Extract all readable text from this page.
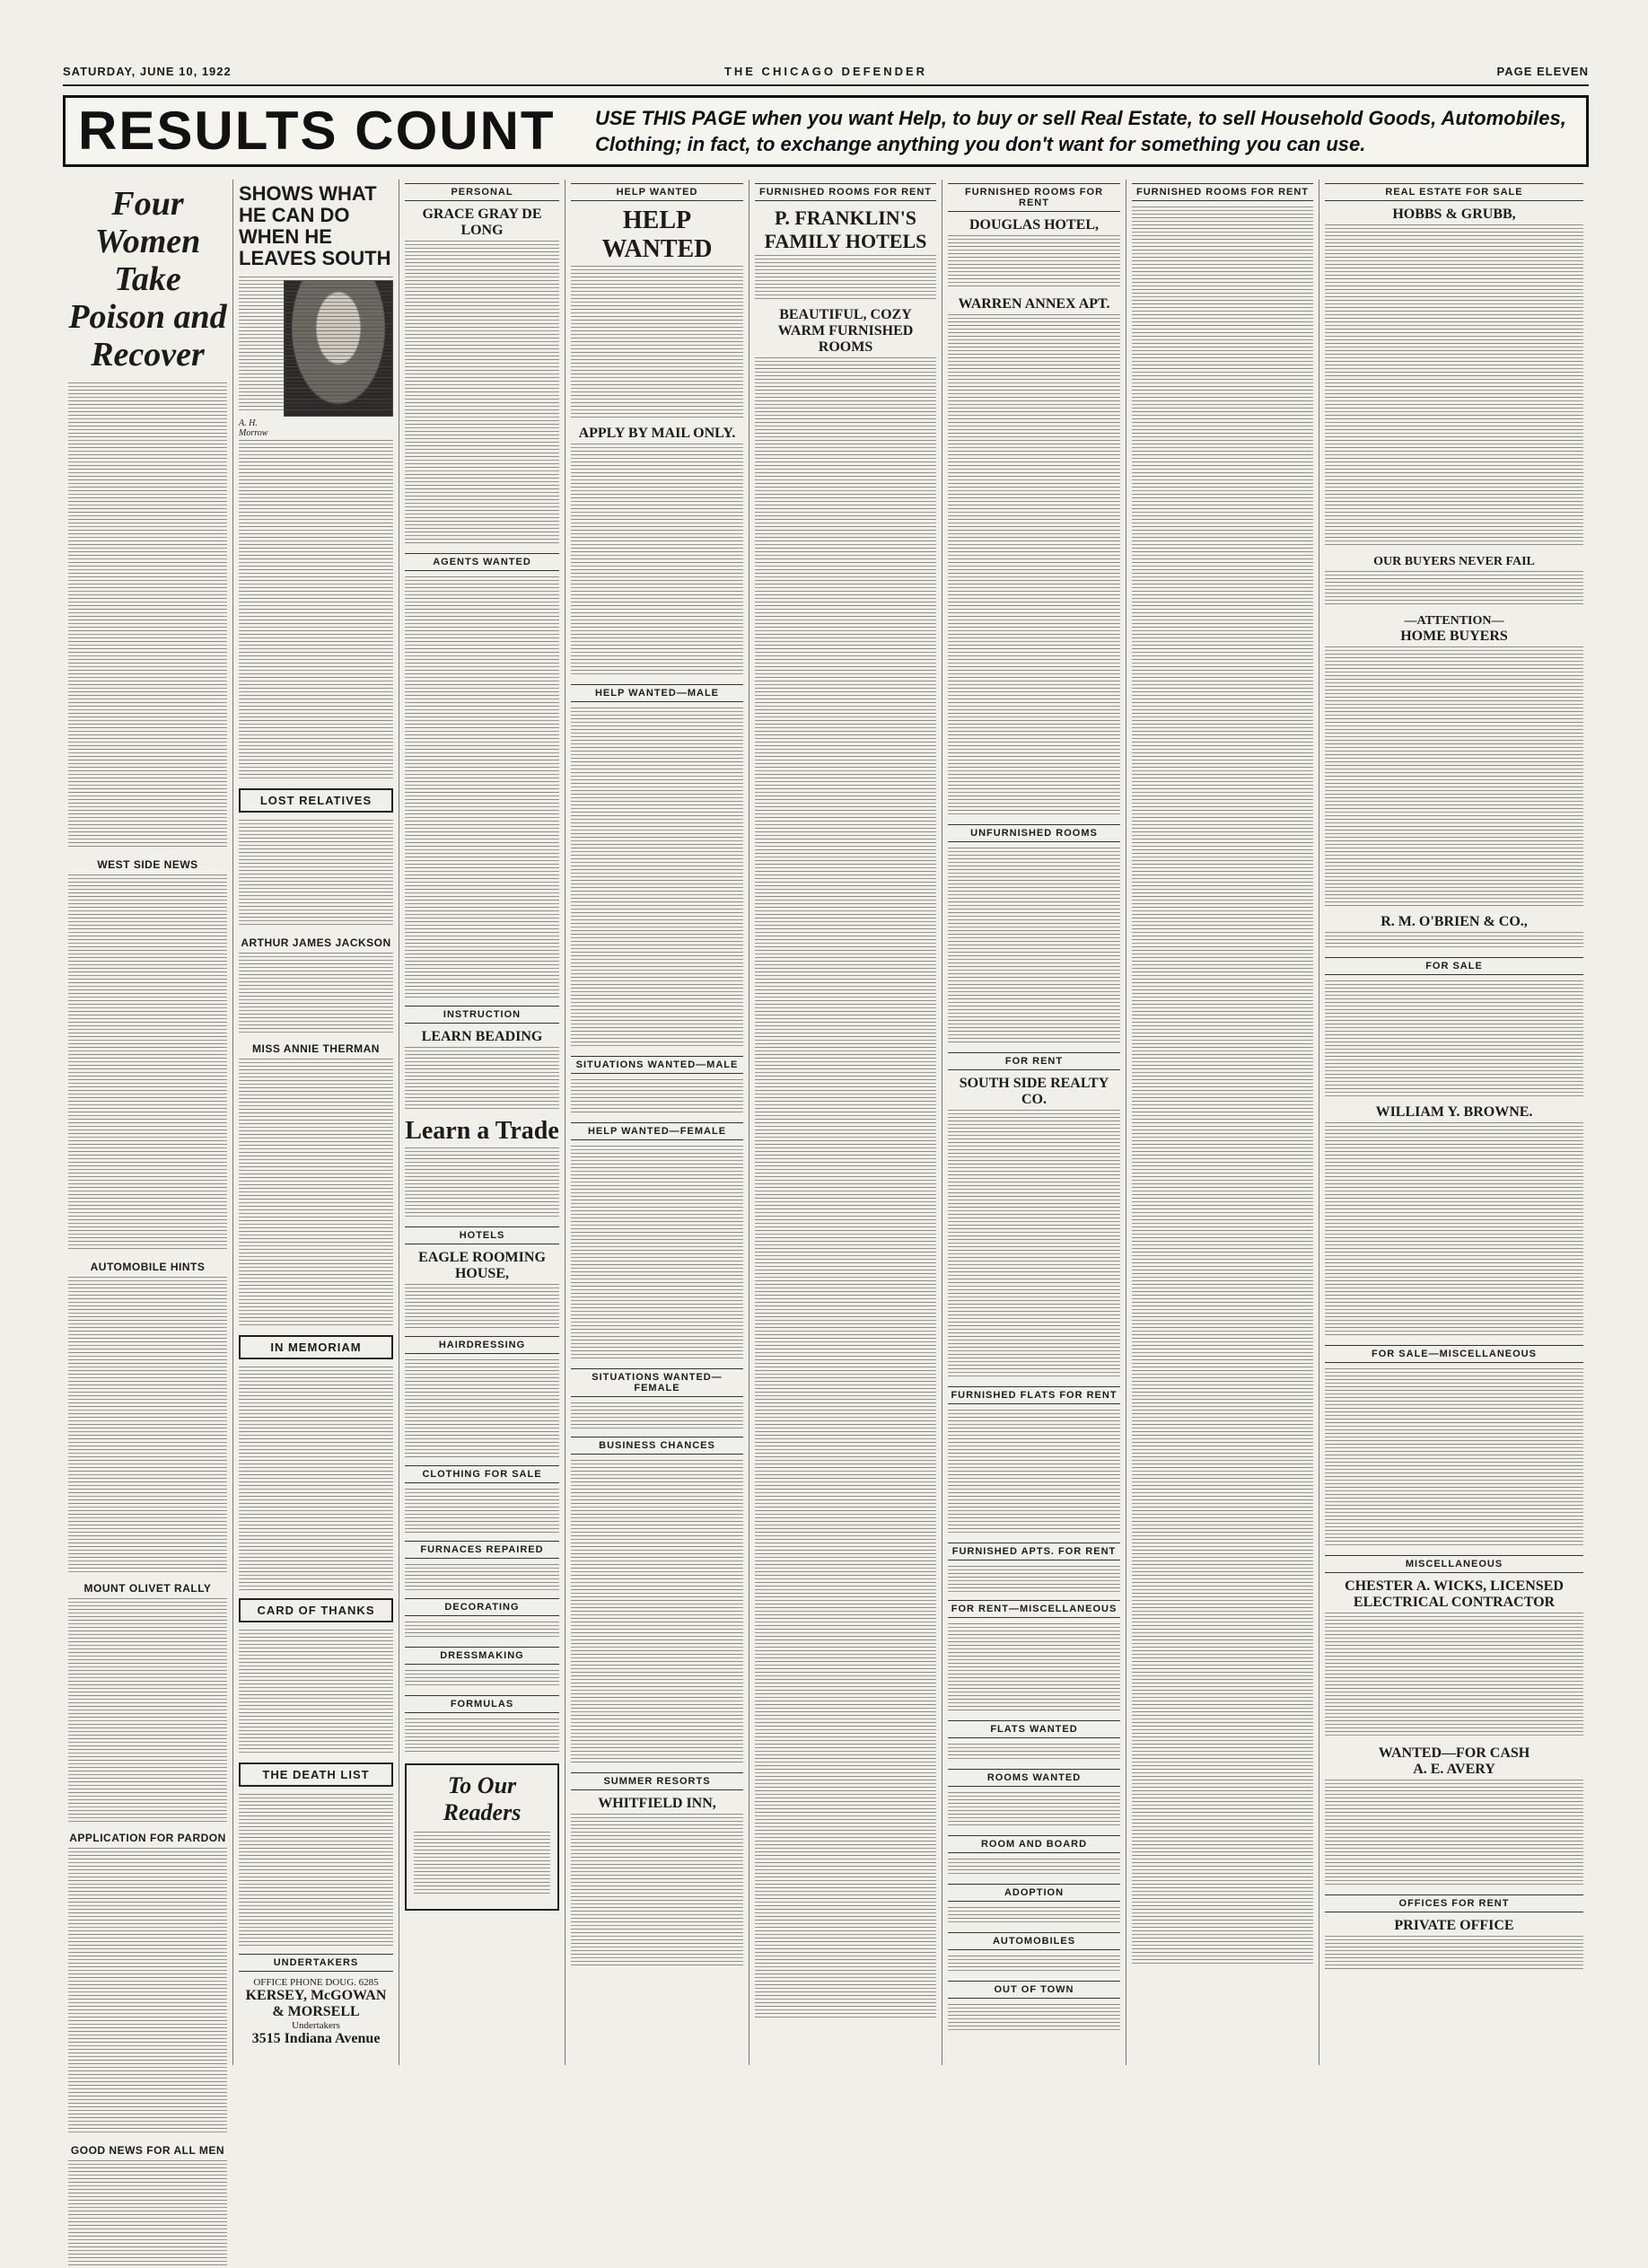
SATURDAY, JUNE 10, 1922	THE CHICAGO DEFENDER	PAGE ELEVEN
RESULTS COUNT USE THIS PAGE when you want Help, to buy or sell Real Estate, to sell Household Goods, Automobiles, Clothing; in fact, to exchange anything you don't want for something you can use.
Four Women Take Poison and Recover
WEST SIDE NEWS
AUTOMOBILE HINTS
MOUNT OLIVET RALLY
APPLICATION FOR PARDON
GOOD NEWS FOR ALL MEN
SHOWS WHAT HE CAN DO WHEN HE LEAVES SOUTH
A. H. Morrow
LOST RELATIVES
ARTHUR JAMES JACKSON
MISS ANNIE THERMAN
IN MEMORIAM
CARD OF THANKS
THE DEATH LIST
UNDERTAKERS
OFFICE PHONE DOUG. 6285
KERSEY, McGOWAN & MORSELL
Undertakers
3515 Indiana Avenue
PERSONAL
GRACE GRAY DE LONG
AGENTS WANTED
INSTRUCTION
LEARN BEADING
Learn a Trade
HOTELS
EAGLE ROOMING HOUSE,
HAIRDRESSING
CLOTHING FOR SALE
FURNACES REPAIRED
DECORATING
DRESSMAKING
FORMULAS
To Our Readers
HELP WANTED
HELP WANTED
APPLY BY MAIL ONLY.
HELP WANTED—MALE
SITUATIONS WANTED—MALE
HELP WANTED—FEMALE
SITUATIONS WANTED—FEMALE
BUSINESS CHANCES
SUMMER RESORTS
WHITFIELD INN,
FURNISHED ROOMS FOR RENT
P. FRANKLIN'S FAMILY HOTELS
BEAUTIFUL, COZY WARM FURNISHED ROOMS
FURNISHED ROOMS FOR RENT
DOUGLAS HOTEL,
WARREN ANNEX APT.
UNFURNISHED ROOMS
FOR RENT
SOUTH SIDE REALTY CO.
FURNISHED FLATS FOR RENT
FURNISHED APTS. FOR RENT
FOR RENT—MISCELLANEOUS
FLATS WANTED
ROOMS WANTED
ROOM AND BOARD
ADOPTION
AUTOMOBILES
OUT OF TOWN
FURNISHED ROOMS FOR RENT	REAL ESTATE FOR SALE
HOBBS & GRUBB,
OUR BUYERS NEVER FAIL
—ATTENTION—
HOME BUYERS
R. M. O'BRIEN & CO.,
FOR SALE
WILLIAM Y. BROWNE.
FOR SALE—MISCELLANEOUS
MISCELLANEOUS
CHESTER A. WICKS, LICENSED ELECTRICAL CONTRACTOR
WANTED—FOR CASH
A. E. AVERY
OFFICES FOR RENT
PRIVATE OFFICE
